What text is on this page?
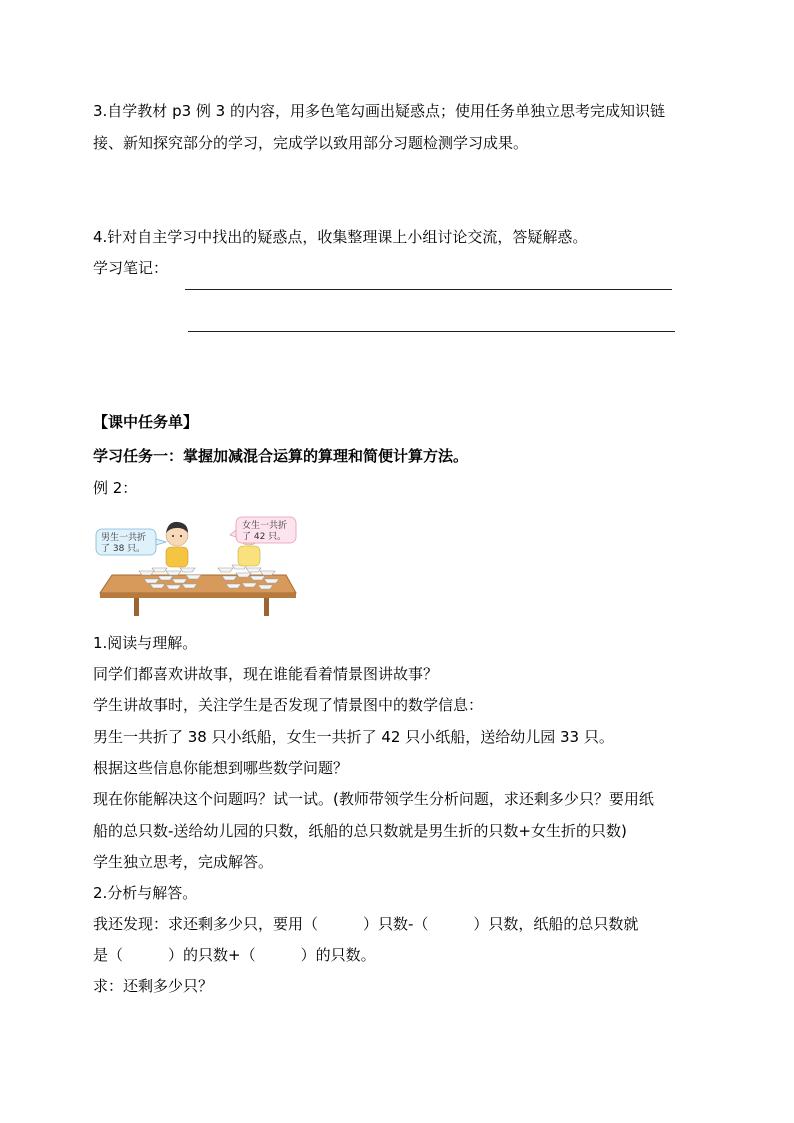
3.自学教材 p3 例 3 的内容，用多色笔勾画出疑惑点；使用任务单独立思考完成知识链
接、新知探究部分的学习，完成学以致用部分习题检测学习成果。
4.针对自主学习中找出的疑惑点，收集整理课上小组讨论交流，答疑解惑。
学习笔记：
【课中任务单】
学习任务一：掌握加减混合运算的算理和简便计算方法。
例 2：
男生一共折
了 38 只。
女生一共折
了 42 只。
1.阅读与理解。
同学们都喜欢讲故事，现在谁能看着情景图讲故事？
学生讲故事时，关注学生是否发现了情景图中的数学信息：
男生一共折了 38 只小纸船，女生一共折了 42 只小纸船，送给幼儿园 33 只。
根据这些信息你能想到哪些数学问题？
现在你能解决这个问题吗？试一试。(教师带领学生分析问题，求还剩多少只？要用纸
船的总只数-送给幼儿园的只数，纸船的总只数就是男生折的只数+女生折的只数)
学生独立思考，完成解答。
2.分析与解答。
我还发现：求还剩多少只，要用（　　　）只数-（　　　）只数，纸船的总只数就
是（　　　）的只数+（　　　）的只数。
求：还剩多少只？
